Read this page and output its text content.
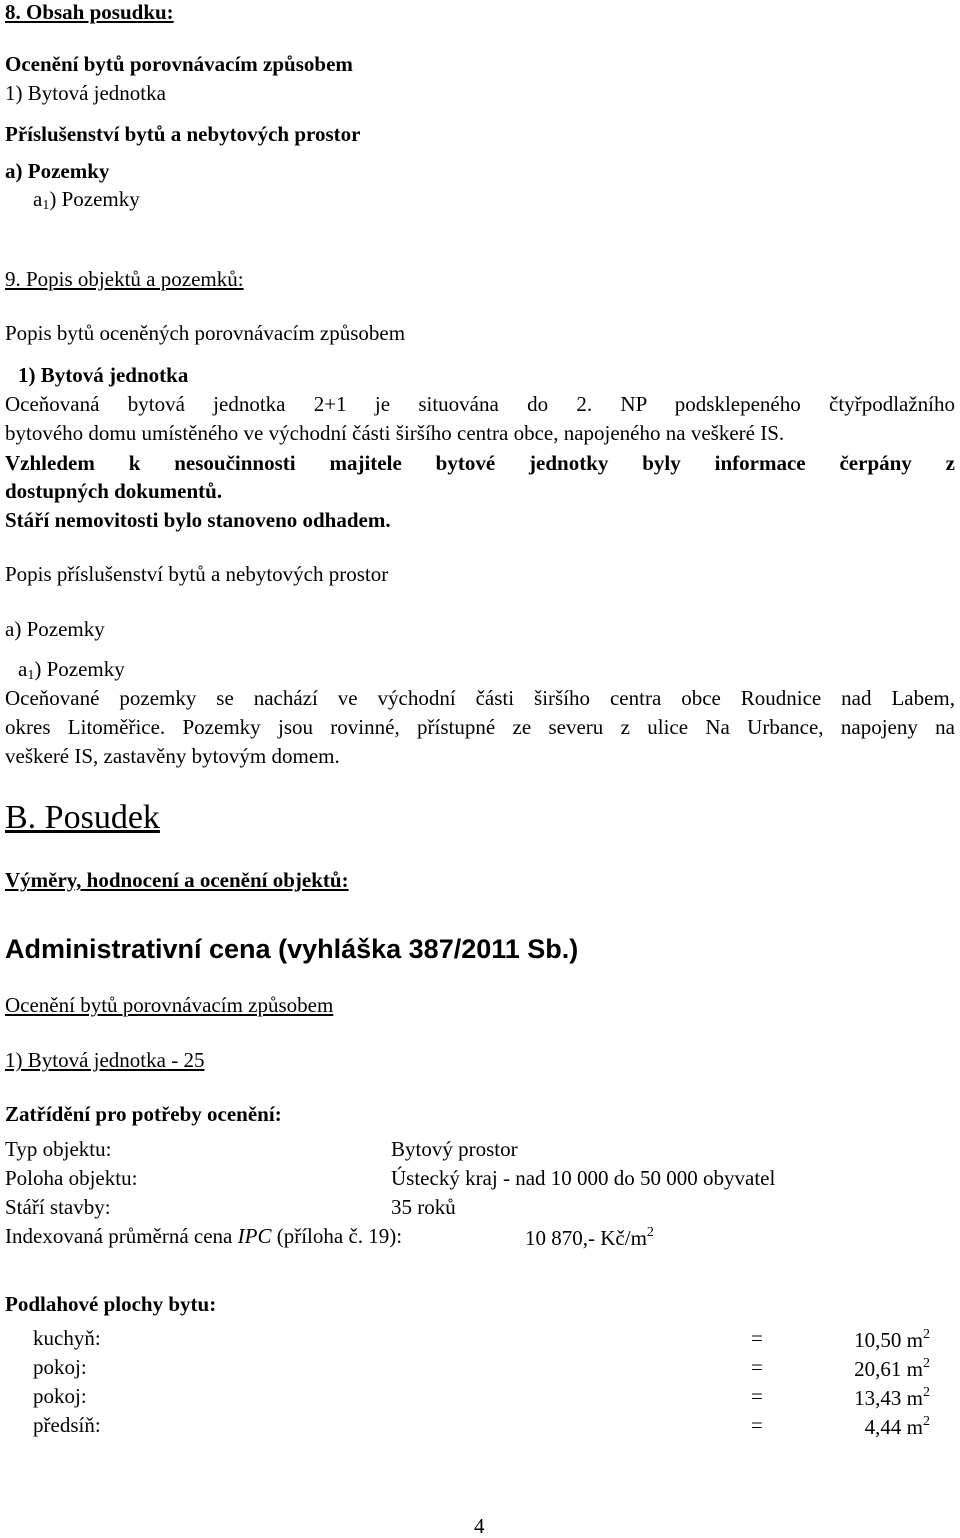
8. Obsah posudku:
Ocenění bytů porovnávacím způsobem
1) Bytová jednotka
Příslušenství bytů a nebytových prostor
a) Pozemky
$a_1$) Pozemky
9. Popis objektů a pozemků:
Popis bytů oceněných porovnávacím způsobem
1) Bytová jednotka
Oceňovaná bytová jednotka 2+1 je situována do 2. NP podsklepeného čtyřpodlažního
bytového domu umístěného ve východní části širšího centra obce, napojeného na veškeré IS.
Vzhledem k nesoučinnosti majitele bytové jednotky byly informace čerpány z
dostupných dokumentů.
Stáří nemovitosti bylo stanoveno odhadem.
Popis příslušenství bytů a nebytových prostor
a) Pozemky
$a_1$) Pozemky
Oceňované pozemky se nachází ve východní části širšího centra obce Roudnice nad Labem,
okres Litoměřice. Pozemky jsou rovinné, přístupné ze severu z ulice Na Urbance, napojeny na
veškeré IS, zastavěny bytovým domem.
B. Posudek
Výměry, hodnocení a ocenění objektů:
Administrativní cena (vyhláška 387/2011 Sb.)
Ocenění bytů porovnávacím způsobem
1) Bytová jednotka - 25
Zatřídění pro potřeby ocenění:
Typ objektu:	Bytový prostor
Poloha objektu:	Ústecký kraj - nad 10 000 do 50 000 obyvatel
Stáří stavby:	35 roků
Indexovaná průměrná cena IPC (příloha č. 19):	10 870,- $Kč/m^2$
Podlahové plochy bytu:
kuchyň:	=	10,50 $m^2$
pokoj:	=	20,61 $m^2$
pokoj:	=	13,43 $m^2$
předsíň:	=	4,44 $m^2$
4
